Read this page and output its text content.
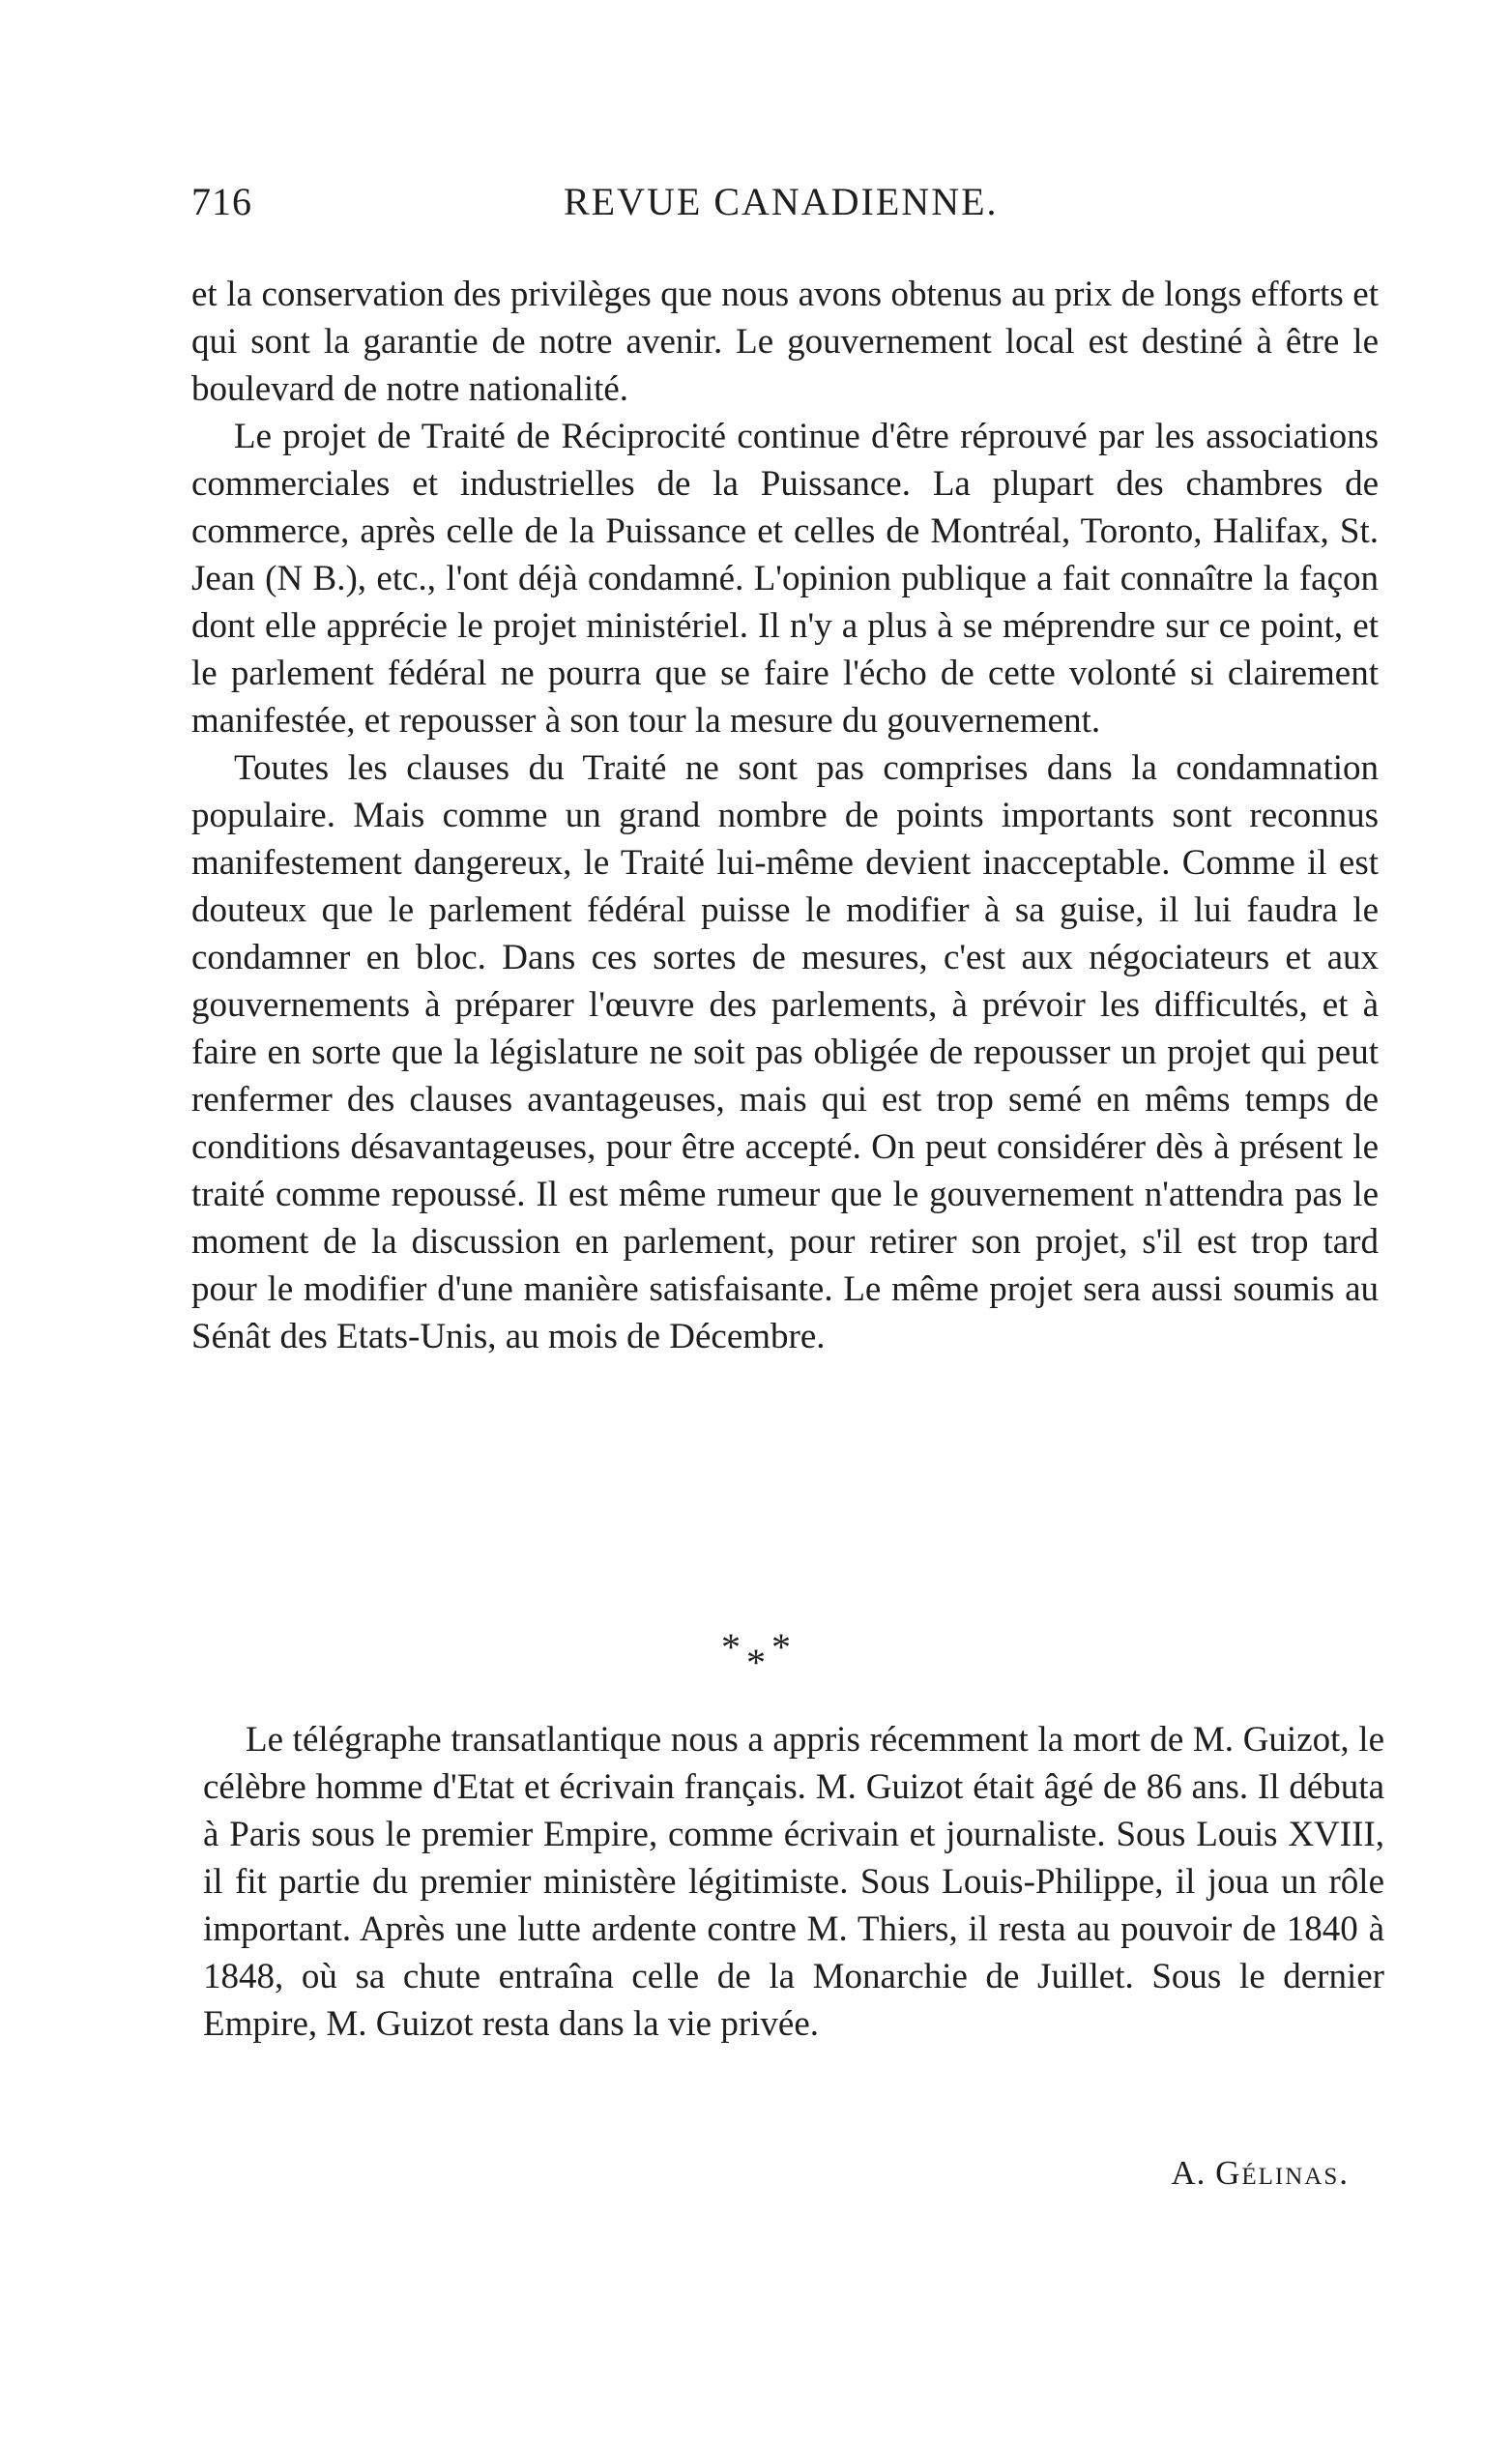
716	REVUE CANADIENNE.

et la conservation des privilèges que nous avons obtenus au prix de longs efforts et qui sont la garantie de notre avenir. Le gouvernement local est destiné à être le boulevard de notre nationalité.

Le projet de Traité de Réciprocité continue d'être réprouvé par les associations commerciales et industrielles de la Puissance. La plupart des chambres de commerce, après celle de la Puissance et celles de Montréal, Toronto, Halifax, St. Jean (N B.), etc., l'ont déjà condamné. L'opinion publique a fait connaître la façon dont elle apprécie le projet ministériel. Il n'y a plus à se méprendre sur ce point, et le parlement fédéral ne pourra que se faire l'écho de cette volonté si clairement manifestée, et repousser à son tour la mesure du gouvernement.

Toutes les clauses du Traité ne sont pas comprises dans la condamnation populaire. Mais comme un grand nombre de points importants sont reconnus manifestement dangereux, le Traité lui-même devient inacceptable. Comme il est douteux que le parlement fédéral puisse le modifier à sa guise, il lui faudra le condamner en bloc. Dans ces sortes de mesures, c'est aux négociateurs et aux gouvernements à préparer l'œuvre des parlements, à prévoir les difficultés, et à faire en sorte que la législature ne soit pas obligée de repousser un projet qui peut renfermer des clauses avantageuses, mais qui est trop semé en mêms temps de conditions désavantageuses, pour être accepté. On peut considérer dès à présent le traité comme repoussé. Il est même rumeur que le gouvernement n'attendra pas le moment de la discussion en parlement, pour retirer son projet, s'il est trop tard pour le modifier d'une manière satisfaisante. Le même projet sera aussi soumis au Sénât des Etats-Unis, au mois de Décembre.

* * *

Le télégraphe transatlantique nous a appris récemment la mort de M. Guizot, le célèbre homme d'Etat et écrivain français. M. Guizot était âgé de 86 ans. Il débuta à Paris sous le premier Empire, comme écrivain et journaliste. Sous Louis XVIII, il fit partie du premier ministère légitimiste. Sous Louis-Philippe, il joua un rôle important. Après une lutte ardente contre M. Thiers, il resta au pouvoir de 1840 à 1848, où sa chute entraîna celle de la Monarchie de Juillet. Sous le dernier Empire, M. Guizot resta dans la vie privée.

A. Gélinas.
